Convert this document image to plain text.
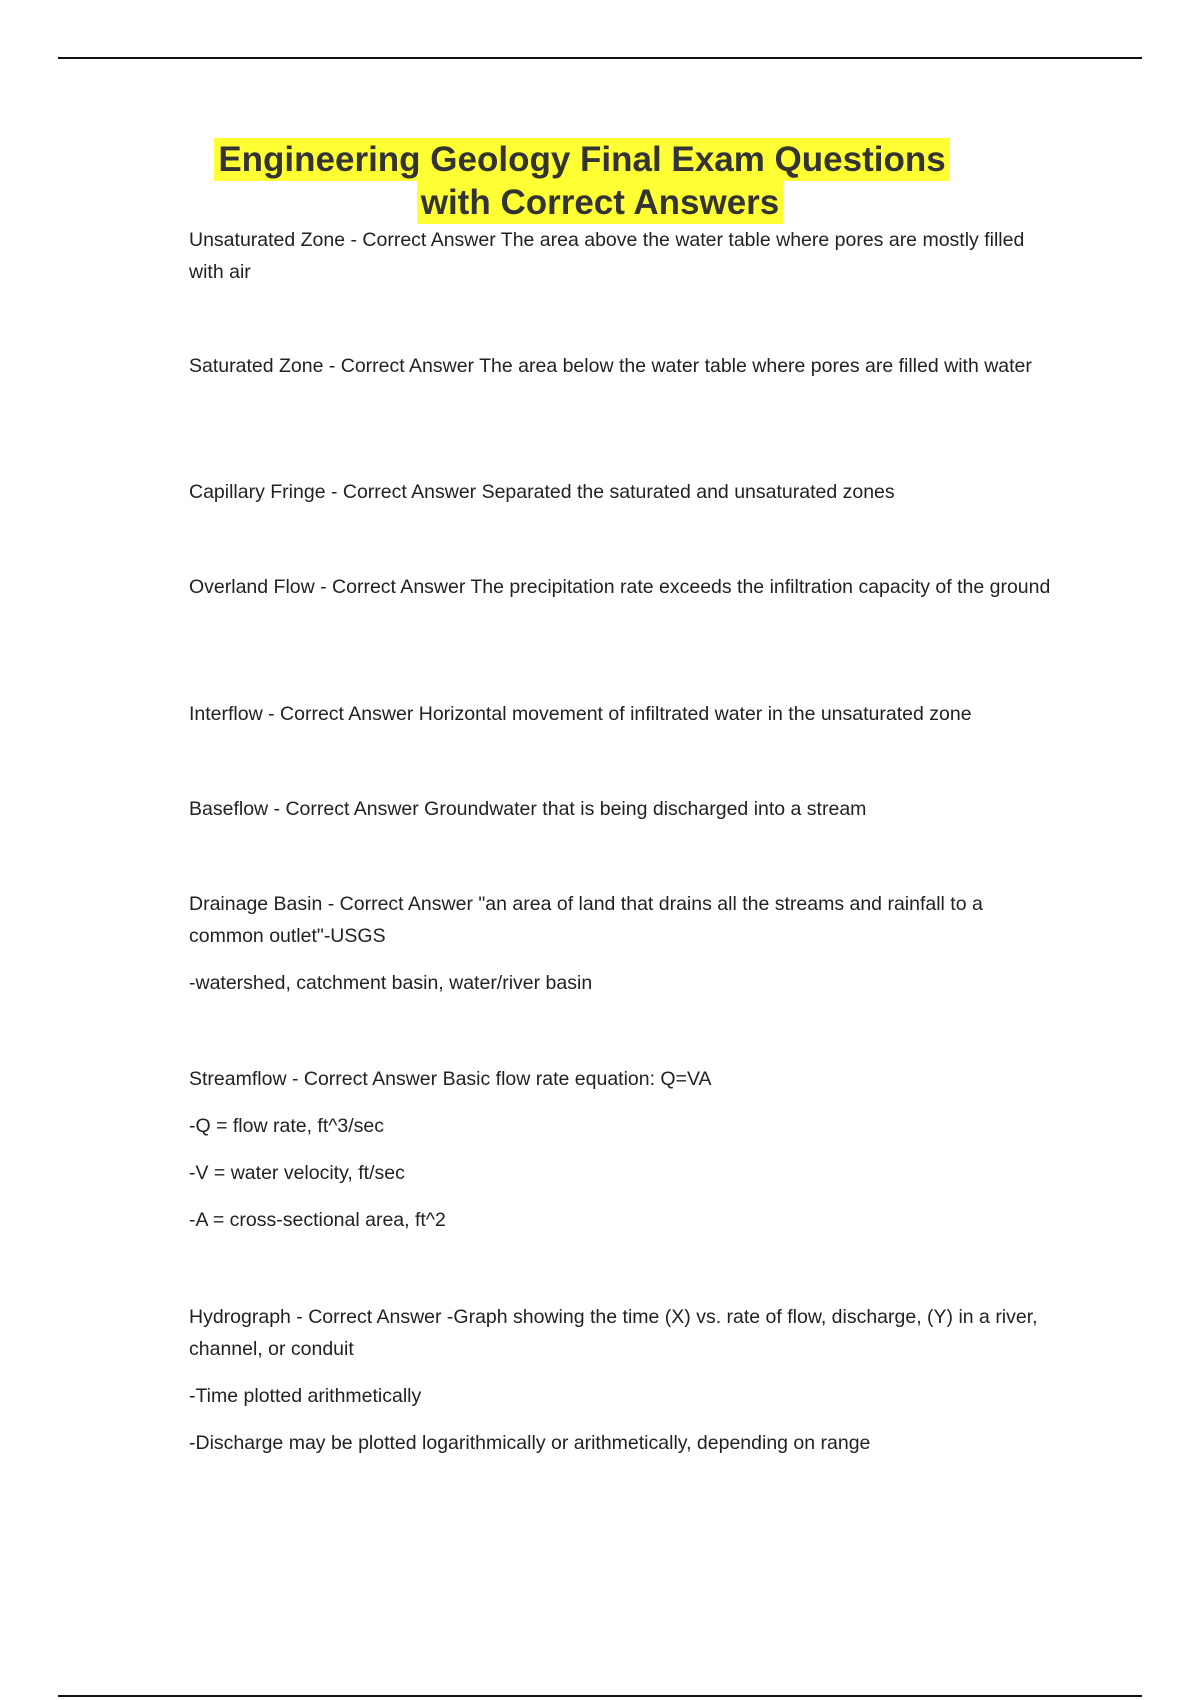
Engineering Geology Final Exam Questions
with Correct Answers

Unsaturated Zone - Correct Answer The area above the water table where pores are mostly filled with air

Saturated Zone - Correct Answer The area below the water table where pores are filled with water

Capillary Fringe - Correct Answer Separated the saturated and unsaturated zones

Overland Flow - Correct Answer The precipitation rate exceeds the infiltration capacity of the ground

Interflow - Correct Answer Horizontal movement of infiltrated water in the unsaturated zone

Baseflow - Correct Answer Groundwater that is being discharged into a stream

Drainage Basin - Correct Answer "an area of land that drains all the streams and rainfall to a common outlet"-USGS

-watershed, catchment basin, water/river basin

Streamflow - Correct Answer Basic flow rate equation: Q=VA

-Q = flow rate, ft^3/sec

-V = water velocity, ft/sec

-A = cross-sectional area, ft^2

Hydrograph - Correct Answer -Graph showing the time (X) vs. rate of flow, discharge, (Y) in a river, channel, or conduit

-Time plotted arithmetically

-Discharge may be plotted logarithmically or arithmetically, depending on range
